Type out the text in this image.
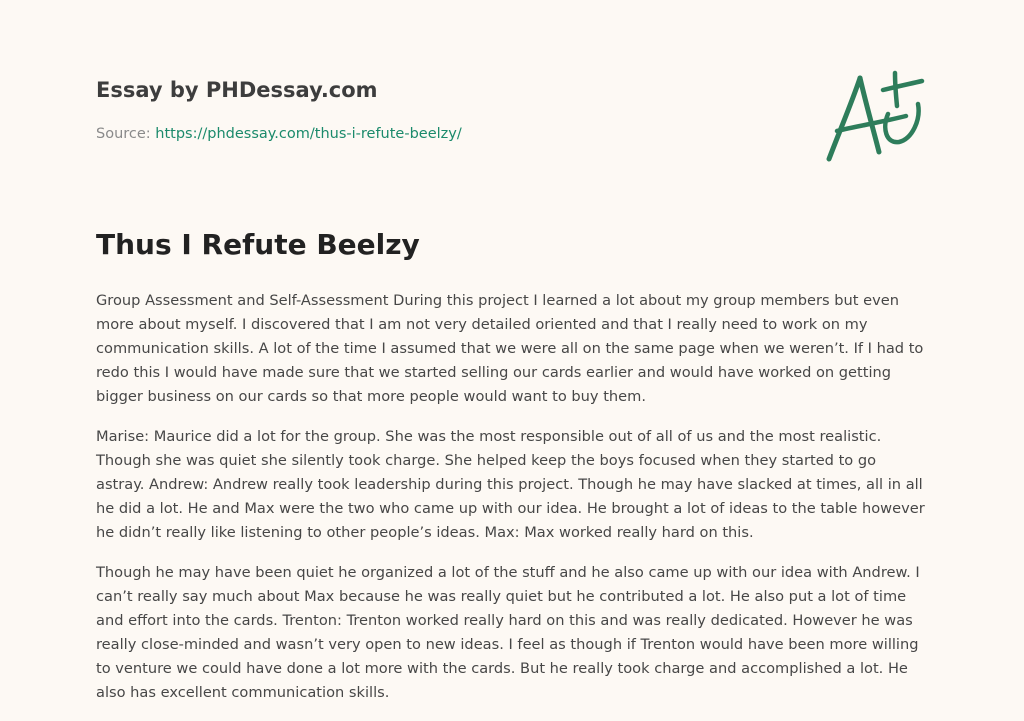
Essay by PHDessay.com
Source: https://phdessay.com/thus-i-refute-beelzy/
Thus I Refute Beelzy

Group Assessment and Self-Assessment During this project I learned a lot about my group members but even more about myself. I discovered that I am not very detailed oriented and that I really need to work on my communication skills. A lot of the time I assumed that we were all on the same page when we weren’t. If I had to redo this I would have made sure that we started selling our cards earlier and would have worked on getting bigger business on our cards so that more people would want to buy them.

Marise: Maurice did a lot for the group. She was the most responsible out of all of us and the most realistic. Though she was quiet she silently took charge. She helped keep the boys focused when they started to go astray. Andrew: Andrew really took leadership during this project. Though he may have slacked at times, all in all he did a lot. He and Max were the two who came up with our idea. He brought a lot of ideas to the table however he didn’t really like listening to other people’s ideas. Max: Max worked really hard on this.

Though he may have been quiet he organized a lot of the stuff and he also came up with our idea with Andrew. I can’t really say much about Max because he was really quiet but he contributed a lot. He also put a lot of time and effort into the cards. Trenton: Trenton worked really hard on this and was really dedicated. However he was really close-minded and wasn’t very open to new ideas. I feel as though if Trenton would have been more willing to venture we could have done a lot more with the cards. But he really took charge and accomplished a lot. He also has excellent communication skills.
